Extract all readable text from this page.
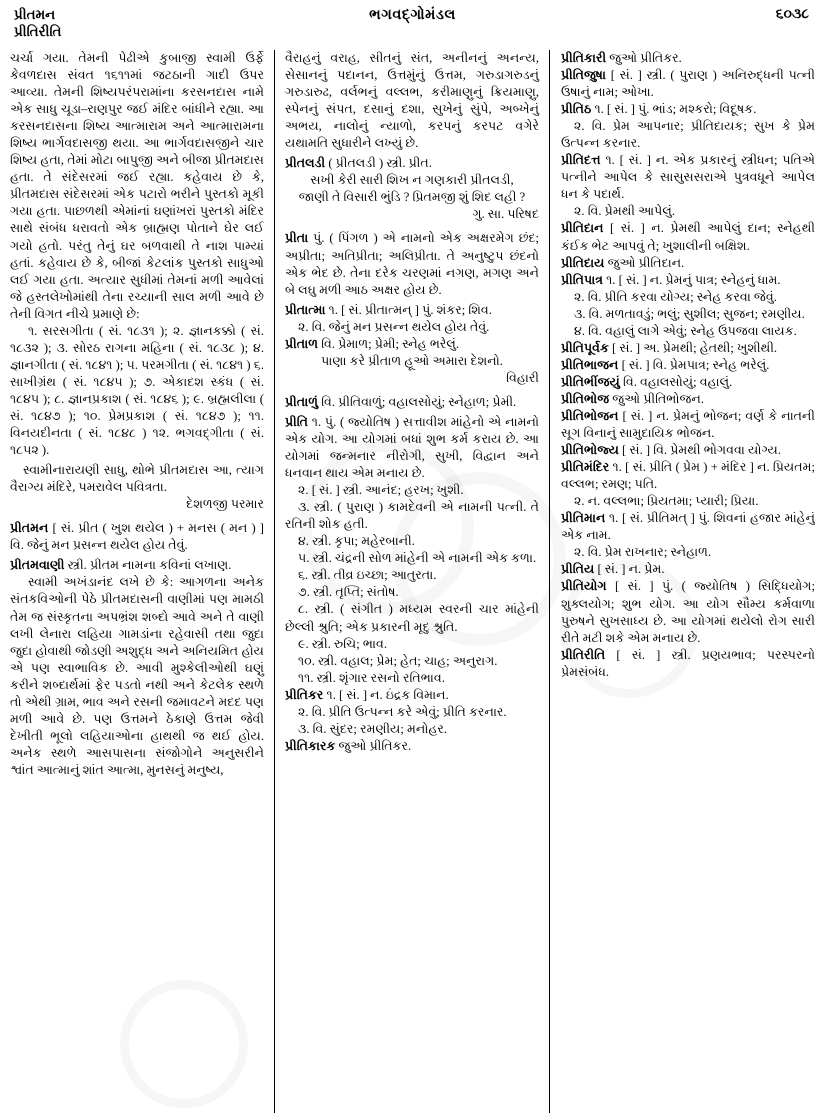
પ્રીતમન
પ્રીતિરીતિ
ભગવદ્ગોમંડલ	૬૦૩૮

ચર્ચા ગયા. તેમની પેઢીએ કુબાજી સ્વામી ઉર્ફે કેવળદાસ સંવત ૧૬૧૧માં જટઠાની ગાદી ઉપર આવ્યા. તેમની શિષ્યપરંપરામાંના કરસનદાસ નામે એક સાધુ ચૂડા–રાણપુર જઈ મંદિર બાંધીને રહ્યા. આ કરસનદાસના શિષ્ય આત્મારામ અને આત્મારામના શિષ્ય ભાર્ગવદાસજી થયા. આ ભાર્ગવદાસજીને ચાર શિષ્ય હતા, તેમાં મોટા બાપુજી અને બીજા પ્રીતમદાસ હતા. તે સંદેસરમાં જઈ રહ્યા. કહેવાય છે કે, પ્રીતમદાસ સંદેસરમાં એક પટારો ભરીને પુસ્તકો મૂકી ગયા હતા. પાછળથી એમાંનાં ઘણાંખરાં પુસ્તકો મંદિર સાથે સંબંધ ધરાવતો એક બ્રાહ્મણ પોતાને ઘેર લઈ ગયો હતો. પરંતુ તેનું ઘર બળવાથી તે નાશ પામ્યાં હતાં. કહેવાય છે કે, બીજાં કેટલાંક પુસ્તકો સાધુઓ લઈ ગયા હતા. અત્યાર સુધીમાં તેમનાં મળી આવેલાં જે હસ્તલેખોમાંથી તેના રચ્યાની સાલ મળી આવે છે તેની વિગત નીચે પ્રમાણે છે:

૧. સરસગીતા ( સં. ૧૮૩૧ ); ૨. જ્ઞાનકક્કો ( સં. ૧૮૩૨ ); ૩. સોરઠ રાગના મહિના ( સં. ૧૮૩૮ ); ૪. જ્ઞાનગીતા ( સં. ૧૮૪૧ ); ૫. પરમગીતા ( સં. ૧૮૪૧ ) ૬. સાખીગ્રંથ ( સં. ૧૮૪૫ ); ૭. એકાદશ સ્કંધ ( સં. ૧૮૪૫ ); ૮. જ્ઞાનપ્રકાશ ( સં. ૧૮૪૬ ); ૯. બ્રહ્મલીલા ( સં. ૧૮૪૭ ); ૧૦. પ્રેમપ્રકાશ ( સં. ૧૮૪૭ ); ૧૧. વિનયદીનતા ( સં. ૧૮૪૮ ) ૧૨. ભગવદ્ગીતા ( સં. ૧૮૫૨ ).

સ્વામીનારાયણી સાધુ, થોભે પ્રીતમદાસ આ, ત્યાગ વૈરાગ્ય મંદિરે, પમરાવેલ પવિત્રતા.

દેશળજી પરમાર

પ્રીતમન [ સં. પ્રીત ( ખુશ થયેલ ) + મનસ ( મન ) ] વિ. જેનું મન પ્રસન્ન થયેલ હોય તેવું.

પ્રીતમવાણી સ્ત્રી. પ્રીતમ નામના કવિનાં લખાણ.

સ્વામી અખંડાનંદ લખે છે કે: આગળના અનેક સંતકવિઓની પેઠે પ્રીતમદાસની વાણીમાં પણ મામઠી તેમ જ સંસ્કૃતના અપભ્રંશ શબ્દો આવે અને તે વાણી લખી લેનારા લહિયા ગામડાંના રહેવાસી તથા જુદા જુદા હોવાથી જોડણી અશુદ્ધ અને અનિયમિત હોય એ પણ સ્વાભાવિક છે. આવી મુશ્કેલીઓથી ઘણું કરીને શબ્દાર્થમાં ફેર પડતો નથી અને કેટલેક સ્થળે તો એથી ગ્રામ, ભાવ અને રસની જમાવટને મદદ પણ મળી આવે છે. પણ ઉત્તમને ઠેકાણે ઉત્તમ જેવી દેખીતી ભૂલો લહિયાઓના હાથથી જ થઈ હોય. અનેક સ્થળે આસપાસના સંજોગોને અનુસરીને શ્વાંત આત્માનું શાંત આત્મા, મુનસનું મનુષ્ય,

વૈરાહનું વરાહ, સીતનું સંત, અનીનનું અનન્ય, સેસાનનું પદાનન, ઉત્તમુંનું ઉત્તમ, ગરુડાગરુડનું ગરુડારુઢ, વર્લભનું વલ્લભ, કરીમાણુનું ક્રિયમાણુ, સ્પેનનું સંપત, દસાનું દશા, સુખેનું સુંપે, અબ્ખેનું અભય, નાલોનું ન્યાળો, કરપનું કરપટ વગેરે યથામતિ સુધારીને લખ્યું છે.

પ્રીતલડી ( પ્રીતલડી ) સ્ત્રી. પ્રીત.

સખી કેરી સારી શિખ ન ગણકારી પ્રીતલડી,

જાણી તે વિસારી ભુંડિ ? પ્રિતમજી શું શિદ લહી ?

ગુ. સા. પરિષદ

પ્રીતા પું. ( પિંગળ ) એ નામનો એક અક્ષરમેગ છંદ; અપ્રીતા; અતિપ્રીતા; અલિપ્રીતા. તે અનુષ્ટુપ છંદનો એક ભેદ છે. તેના દરેક ચરણમાં નગણ, મગણ અને બે લઘુ મળી આઠ અક્ષર હોય છે.

પ્રીતાત્મા ૧. [ સં. પ્રીતાત્મન્ ] પું. શંકર; શિવ.

૨. વિ. જેનું મન પ્રસન્ન થયેલ હોય તેવું.

પ્રીતાળ વિ. પ્રેમાળ; પ્રેમી; સ્નેહ ભરેલું.

પાણા કરે પ્રીતાળ હૂઓ અમારા દેશનો.

વિહારી

પ્રીતાળું વિ. પ્રીતિવાળું; વહાલસોયું; સ્નેહાળ; પ્રેમી.

પ્રીતિ ૧. પું. ( જ્યોતિષ ) સત્તાવીશ માંહેનો એ નામનો એક યોગ. આ યોગમાં બધાં શુભ કર્મ કરાય છે. આ યોગમાં જન્મનાર નીરોગી, સુખી, વિદ્વાન અને ધનવાન થાય એમ મનાય છે.

૨. [ સં. ] સ્ત્રી. આનંદ; હરખ; ખુશી.

૩. સ્ત્રી. ( પુરાણ ) કામદેવની એ નામની પત્ની. તે રતિની શોક હતી.

૪. સ્ત્રી. કૃપા; મહેરબાની.

૫. સ્ત્રી. ચંદ્રની સોળ માંહેની એ નામની એક કળા.

૬. સ્ત્રી. તીવ્ર ઇચ્છા; આતુરતા.

૭. સ્ત્રી. તૃપ્તિ; સંતોષ.

૮. સ્ત્રી. ( સંગીત ) મધ્યમ સ્વરની ચાર માંહેની છેલ્લી શ્રુતિ; એક પ્રકારની મૃદુ શ્રુતિ.

૯. સ્ત્રી. રુચિ; ભાવ.

૧૦. સ્ત્રી. વહાલ; પ્રેમ; હેત; ચાહ; અનુરાગ.

૧૧. સ્ત્રી. શૃંગાર રસનો રતિભાવ.

પ્રીતિકર ૧. [ સં. ] ન. ઇંદ્રક વિમાન.

૨. વિ. પ્રીતિ ઉત્પન્ન કરે એવું; પ્રીતિ કરનાર.

૩. વિ. સુંદર; રમણીય; મનોહર.

પ્રીતિકારક જુઓ પ્રીતિકર.

પ્રીતિકારી જુઓ પ્રીતિકર.

પ્રીતિજુષા [ સં. ] સ્ત્રી. ( પુરાણ ) અનિરુદ્ધની પત્ની ઉષાનું નામ; ઓખા.

પ્રીતિઠ ૧. [ સં. ] પું. ભાંડ; મશ્કરો; વિદૂષક.

૨. વિ. પ્રેમ આપનાર; પ્રીતિદાયક; સુખ કે પ્રેમ ઉત્પન્ન કરનાર.

પ્રીતિદત્ત ૧. [ સં. ] ન. એક પ્રકારનું સ્ત્રીધન; પતિએ પત્નીને આપેલ કે સાસુસસરાએ પુત્રવધૂને આપેલ ધન કે પદાર્થ.

૨. વિ. પ્રેમથી આપેલું.

પ્રીતિદાન [ સં. ] ન. પ્રેમથી આપેલું દાન; સ્નેહથી કંઈક ભેટ આપવું તે; ખુશાલીની બક્ષિશ.

પ્રીતિદાય જુઓ પ્રીતિદાન.

પ્રીતિપાત્ર ૧. [ સં. ] ન. પ્રેમનું પાત્ર; સ્નેહનું ધામ.

૨. વિ. પ્રીતિ કરવા યોગ્ય; સ્નેહ કરવા જેવું.

૩. વિ. મળતાવડું; ભલું; સુશીલ; સુજન; રમણીય.

૪. વિ. વહાલું લાગે એવું; સ્નેહ ઉપજવા લાયક.

પ્રીતિપૂર્વક [ સં. ] અ. પ્રેમથી; હેતથી; ખુશીથી.

પ્રીતિભાજન [ સં. ] વિ. પ્રેમપાત્ર; સ્નેહ ભરેલું.

પ્રીતિભીંજયું વિ. વહાલસોયું; વહાલું.

પ્રીતિભોજ જુઓ પ્રીતિભોજન.

પ્રીતિભોજન [ સં. ] ન. પ્રેમનું ભોજન; વર્ણ કે નાતની સૂગ વિનાનું સામુદાયિક ભોજન.

પ્રીતિભોજ્ય [ સં. ] વિ. પ્રેમથી ભોગવવા યોગ્ય.

પ્રીતિમંદિર ૧. [ સં. પ્રીતિ ( પ્રેમ ) + મંદિર ] ન. પ્રિયતમ; વલ્લભ; રમણ; પતિ.

૨. ન. વલ્લભા; પ્રિયતમા; પ્યારી; પ્રિયા.

પ્રીતિમાન ૧. [ સં. પ્રીતિમત્ ] પું. શિવનાં હજાર માંહેનું એક નામ.

૨. વિ. પ્રેમ રાખનાર; સ્નેહાળ.

પ્રીતિય [ સં. ] ન. પ્રેમ.

પ્રીતિયોગ [ સં. ] પું. ( જ્યોતિષ ) સિદ્ધિયોગ; શુક્લયોગ; શુભ યોગ. આ યોગ સૌમ્ય કર્મવાળા પુરુષને સુખસાધ્ય છે. આ યોગમાં થયેલો રોગ સારી રીતે મટી શકે એમ મનાય છે.

પ્રીતિરીતિ [ સં. ] સ્ત્રી. પ્રણયભાવ; પરસ્પરનો પ્રેમસંબંધ.
